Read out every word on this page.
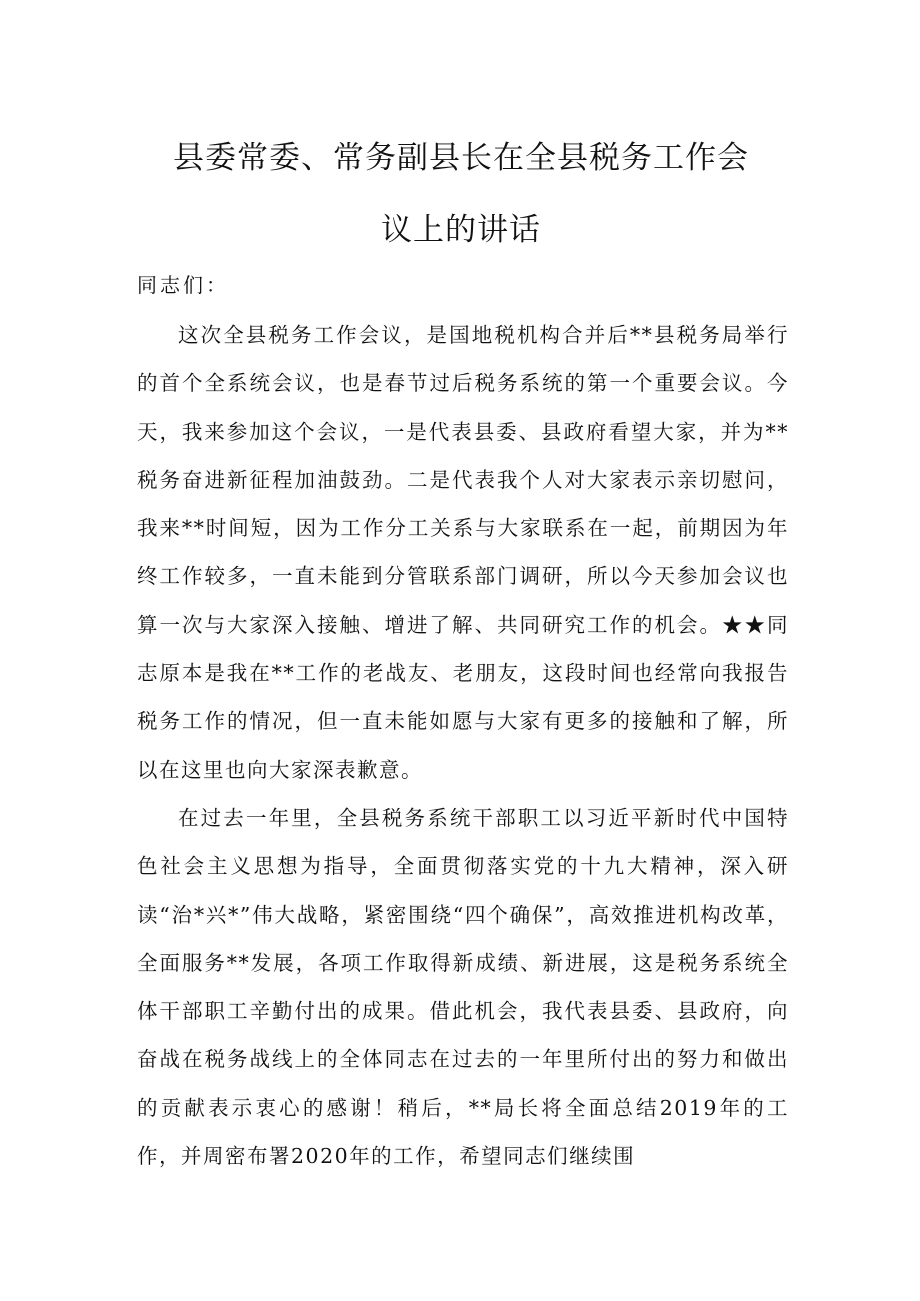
县委常委、常务副县长在全县税务工作会
议上的讲话
同志们：

这次全县税务工作会议，是国地税机构合并后**县税务局举行的首个全系统会议，也是春节过后税务系统的第一个重要会议。今天，我来参加这个会议，一是代表县委、县政府看望大家，并为**税务奋进新征程加油鼓劲。二是代表我个人对大家表示亲切慰问，我来**时间短，因为工作分工关系与大家联系在一起，前期因为年终工作较多，一直未能到分管联系部门调研，所以今天参加会议也算一次与大家深入接触、增进了解、共同研究工作的机会。★★同志原本是我在**工作的老战友、老朋友，这段时间也经常向我报告税务工作的情况，但一直未能如愿与大家有更多的接触和了解，所以在这里也向大家深表歉意。

在过去一年里，全县税务系统干部职工以习近平新时代中国特色社会主义思想为指导，全面贯彻落实党的十九大精神，深入研读“治*兴*”伟大战略，紧密围绕“四个确保”，高效推进机构改革，全面服务**发展，各项工作取得新成绩、新进展，这是税务系统全体干部职工辛勤付出的成果。借此机会，我代表县委、县政府，向奋战在税务战线上的全体同志在过去的一年里所付出的努力和做出的贡献表示衷心的感谢！稍后，**局长将全面总结2019年的工作，并周密布署2020年的工作，希望同志们继续围
